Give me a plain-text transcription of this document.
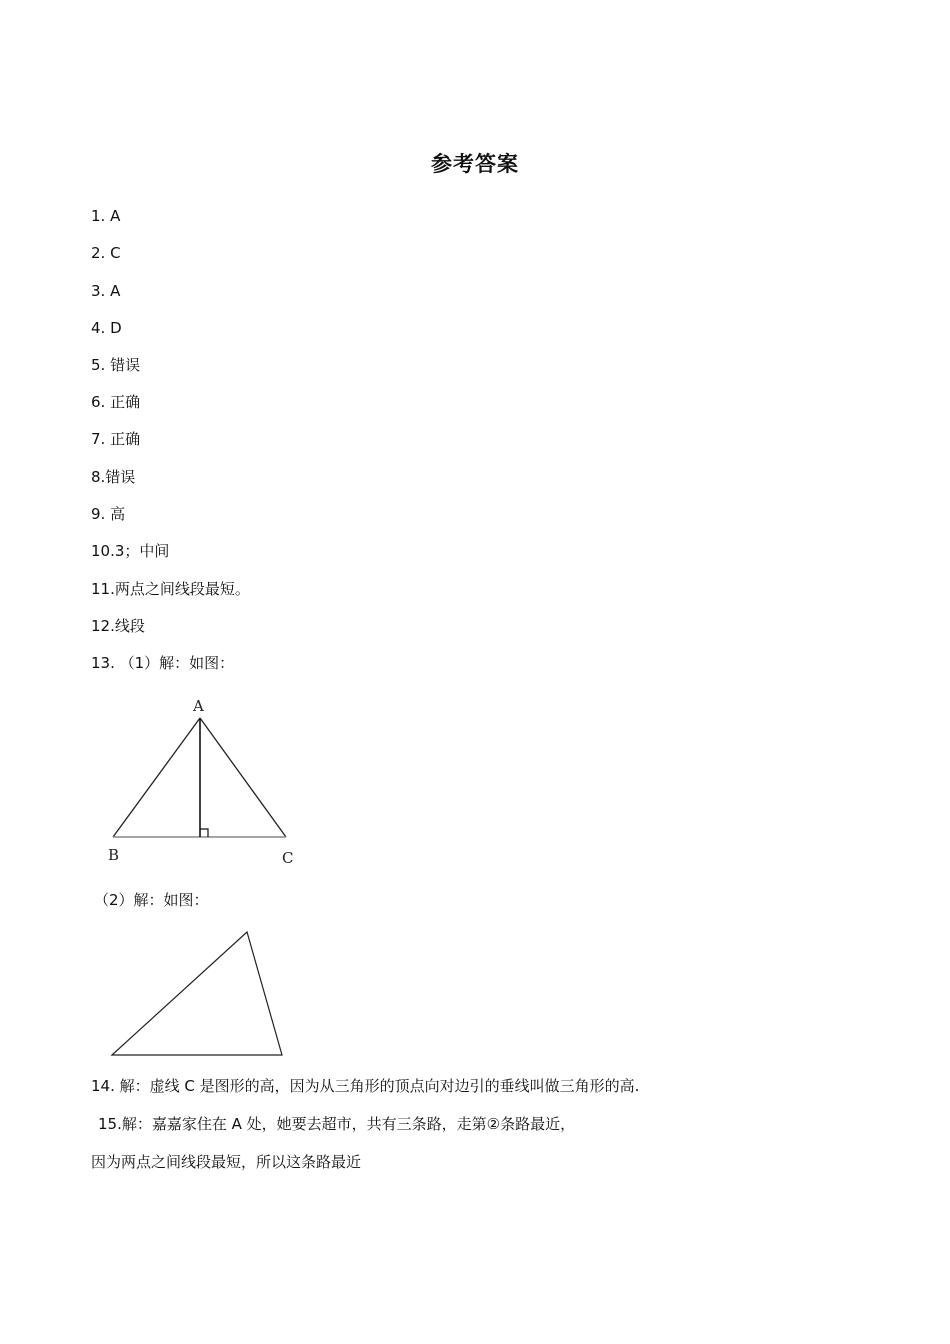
参考答案
1. A
2. C
3. A
4. D
5. 错误
6. 正确
7. 正确
8.错误
9. 高
10.3；中间
11.两点之间线段最短。
12.线段
13. （1）解：如图：
A
B	C
（2）解：如图：
14. 解：虚线 C 是图形的高，因为从三角形的顶点向对边引的垂线叫做三角形的高.
15.解：嘉嘉家住在 A 处，她要去超市，共有三条路，走第②条路最近，
因为两点之间线段最短，所以这条路最近
